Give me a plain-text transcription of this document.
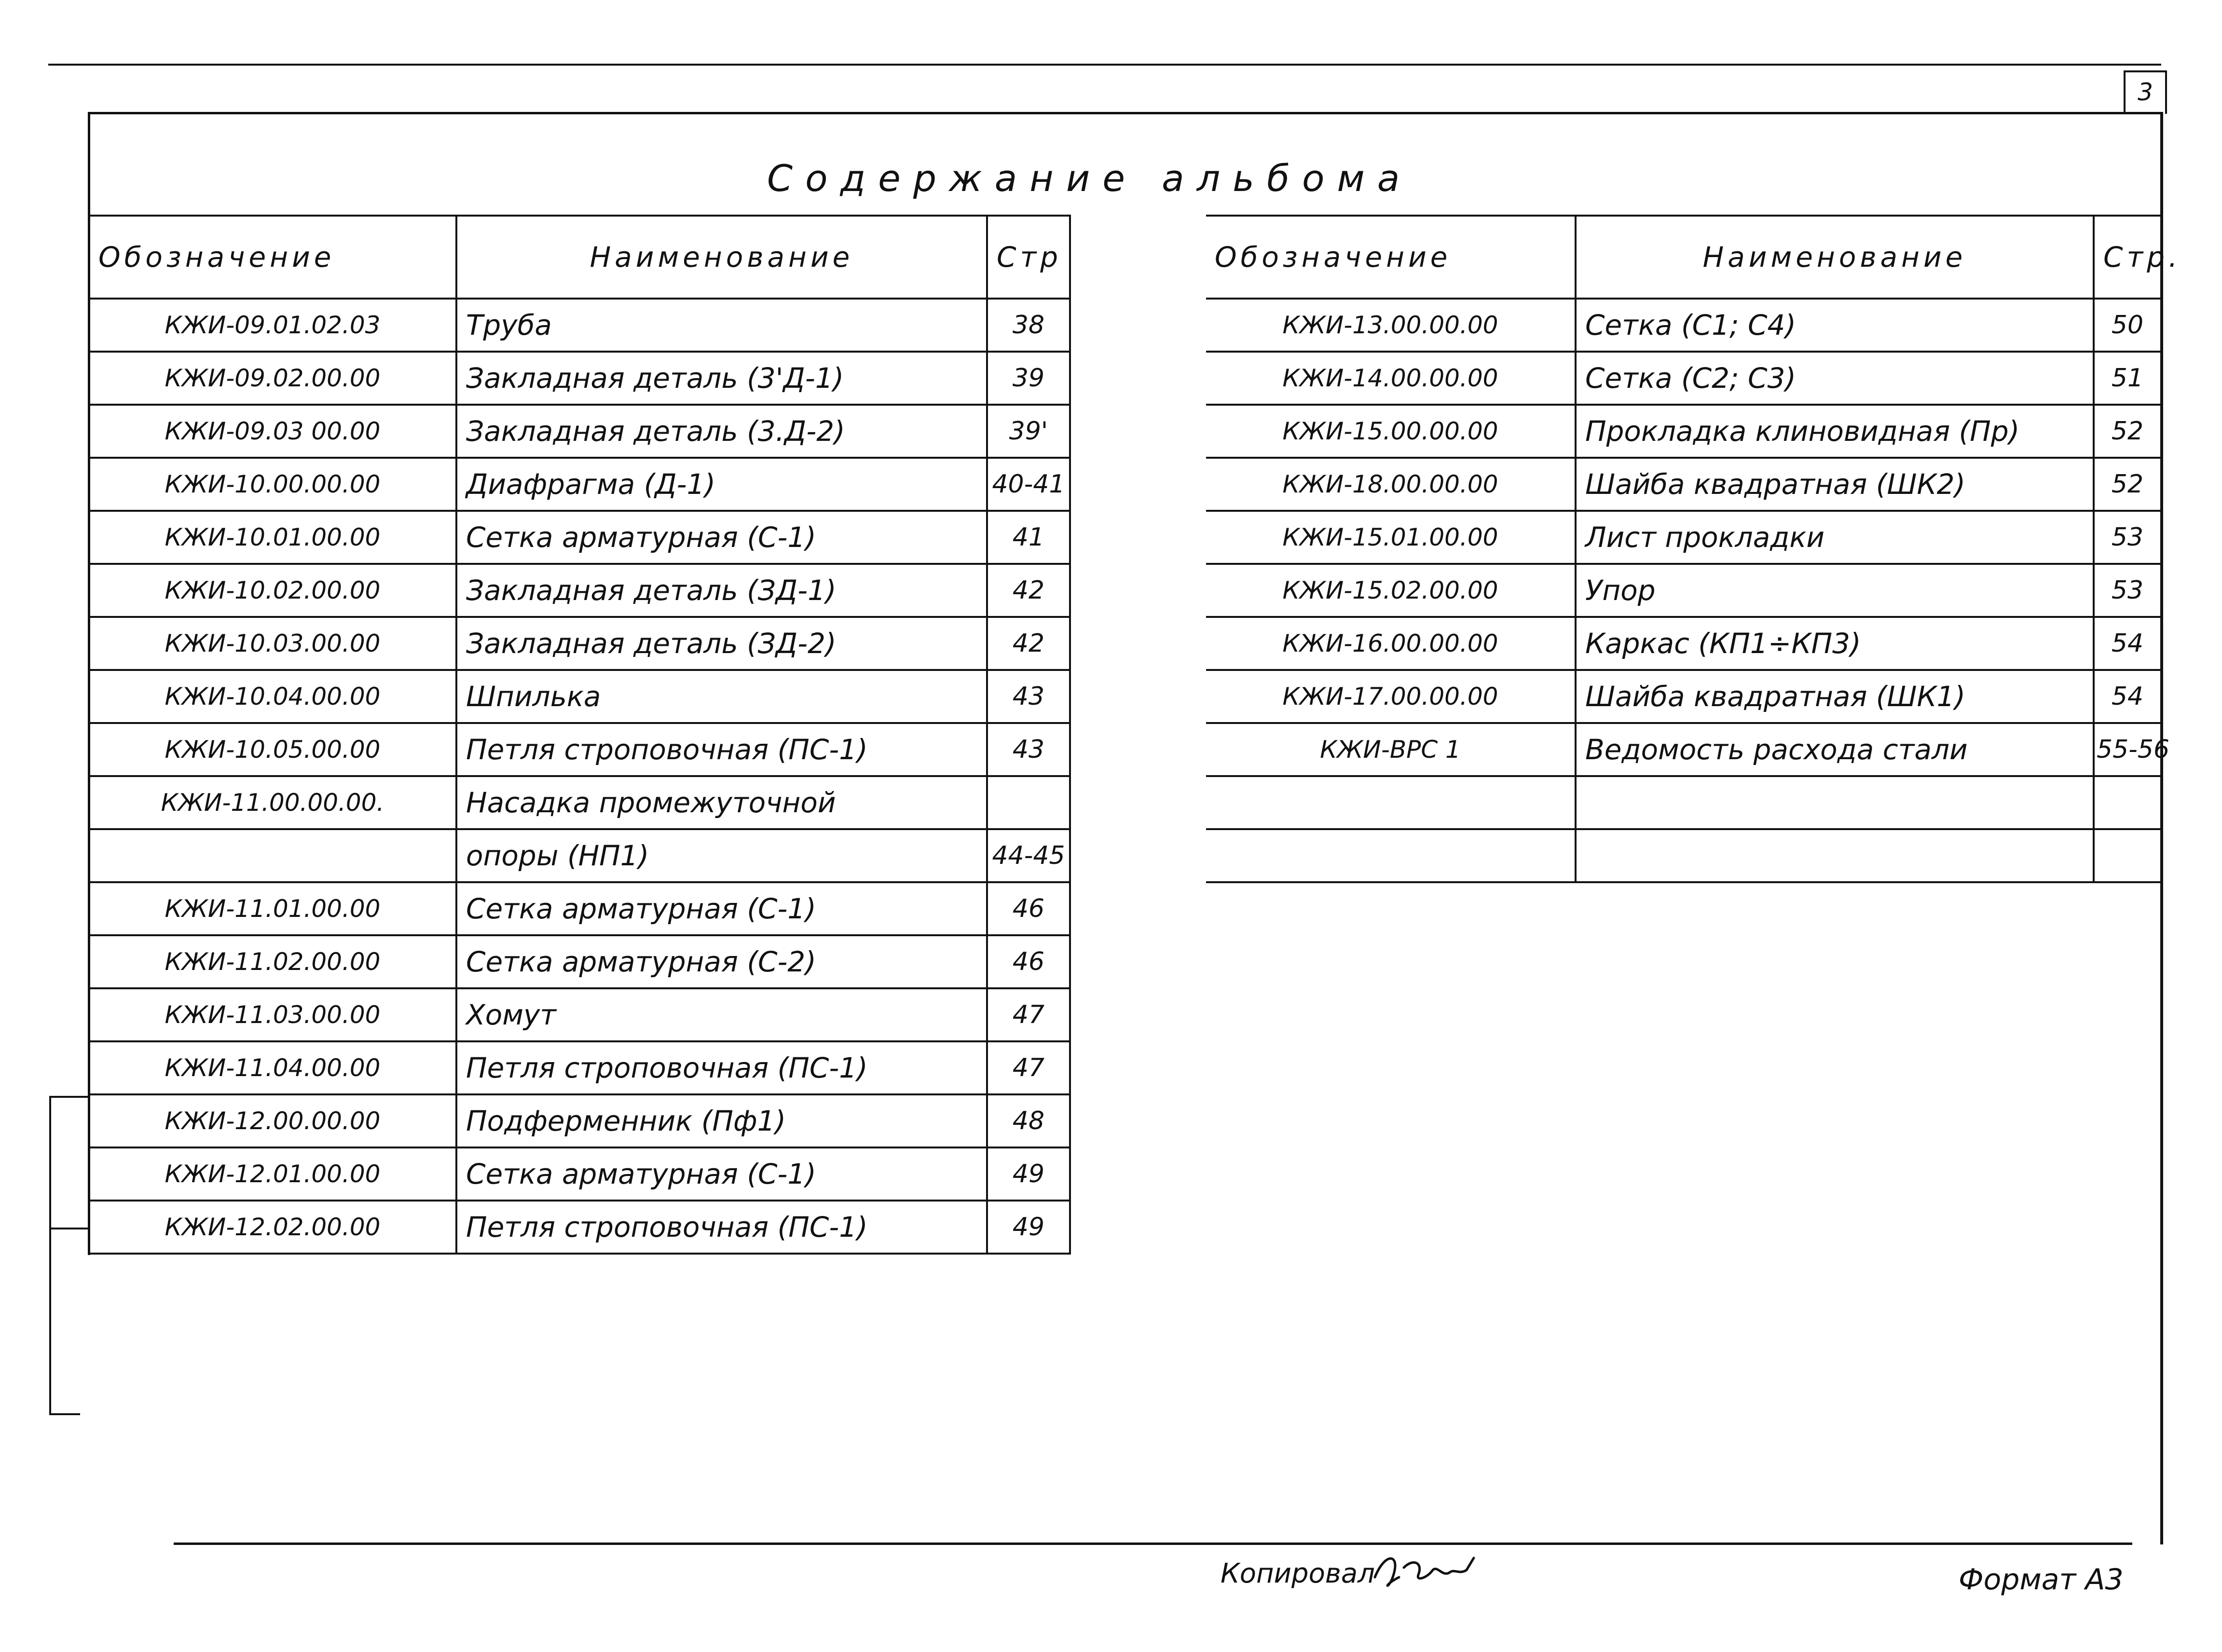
3
Содержание альбома
Обозначение	Наименование	Стр
КЖИ-09.01.02.03	Труба	38
КЖИ-09.02.00.00	Закладная деталь (3'Д-1)	39
КЖИ-09.03 00.00	Закладная деталь (3.Д-2)	39'
КЖИ-10.00.00.00	Диафрагма (Д-1)	40-41
КЖИ-10.01.00.00	Сетка арматурная (С-1)	41
КЖИ-10.02.00.00	Закладная деталь (ЗД-1)	42
КЖИ-10.03.00.00	Закладная деталь (ЗД-2)	42
КЖИ-10.04.00.00	Шпилька	43
КЖИ-10.05.00.00	Петля строповочная (ПС-1)	43
КЖИ-11.00.00.00.	Насадка промежуточной	
	опоры (НП1)	44-45
КЖИ-11.01.00.00	Сетка арматурная (С-1)	46
КЖИ-11.02.00.00	Сетка арматурная (С-2)	46
КЖИ-11.03.00.00	Хомут	47
КЖИ-11.04.00.00	Петля строповочная (ПС-1)	47
КЖИ-12.00.00.00	Подферменник (Пф1)	48
КЖИ-12.01.00.00	Сетка арматурная (С-1)	49
КЖИ-12.02.00.00	Петля строповочная (ПС-1)	49
Обозначение	Наименование	Стр.
КЖИ-13.00.00.00	Сетка (С1; С4)	50
КЖИ-14.00.00.00	Сетка (С2; С3)	51
КЖИ-15.00.00.00	Прокладка клиновидная (Пр)	52
КЖИ-18.00.00.00	Шайба квадратная (ШК2)	52
КЖИ-15.01.00.00	Лист прокладки	53
КЖИ-15.02.00.00	Упор	53
КЖИ-16.00.00.00	Каркас (КП1÷КП3)	54
КЖИ-17.00.00.00	Шайба квадратная (ШК1)	54
КЖИ-ВРС 1	Ведомость расхода стали	55-56

Копировал	Формат А3
